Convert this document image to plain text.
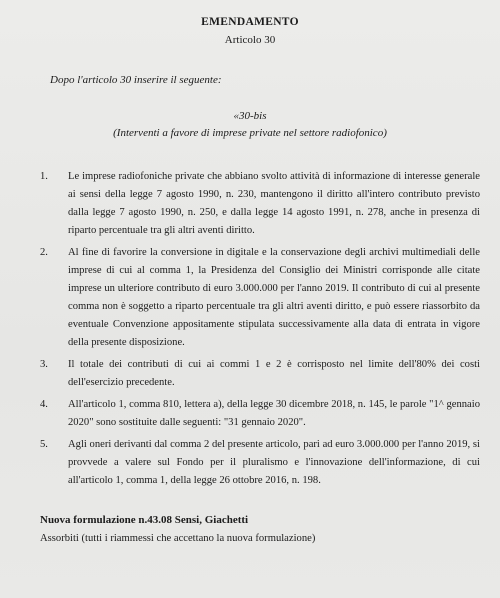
EMENDAMENTO
Articolo 30
Dopo l'articolo 30 inserire il seguente:
«30-bis
(Interventi a favore di imprese private nel settore radiofonico)
1. Le imprese radiofoniche private che abbiano svolto attività di informazione di interesse generale ai sensi della legge 7 agosto 1990, n. 230, mantengono il diritto all'intero contributo previsto dalla legge 7 agosto 1990, n. 250, e dalla legge 14 agosto 1991, n. 278, anche in presenza di riparto percentuale tra gli altri aventi diritto.
2. Al fine di favorire la conversione in digitale e la conservazione degli archivi multimediali delle imprese di cui al comma 1, la Presidenza del Consiglio dei Ministri corrisponde alle citate imprese un ulteriore contributo di euro 3.000.000 per l'anno 2019. Il contributo di cui al presente comma non è soggetto a riparto percentuale tra gli altri aventi diritto, e può essere riassorbito da eventuale Convenzione appositamente stipulata successivamente alla data di entrata in vigore della presente disposizione.
3. Il totale dei contributi di cui ai commi 1 e 2 è corrisposto nel limite dell'80% dei costi dell'esercizio precedente.
4. All'articolo 1, comma 810, lettera a), della legge 30 dicembre 2018, n. 145, le parole "1^ gennaio 2020" sono sostituite dalle seguenti: "31 gennaio 2020".
5. Agli oneri derivanti dal comma 2 del presente articolo, pari ad euro 3.000.000 per l'anno 2019, si provvede a valere sul Fondo per il pluralismo e l'innovazione dell'informazione, di cui all'articolo 1, comma 1, della legge 26 ottobre 2016, n. 198.
Nuova formulazione n.43.08 Sensi, Giachetti
Assorbiti (tutti i riammessi che accettano la nuova formulazione)
